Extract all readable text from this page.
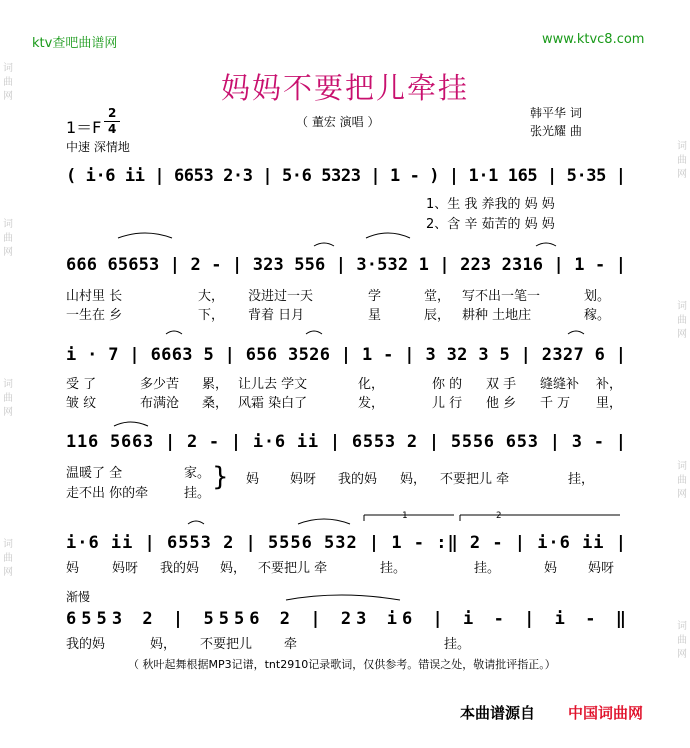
ktv查吧曲谱网	www.ktvc8.com
词曲网
词曲网
词曲网
词曲网
词曲网
词曲网
词曲网
词曲网
妈妈不要把儿牵挂
1＝F
2
4
中速 深情地
（ 董宏 演唱 ）
韩平华 词
张光耀 曲
( i·6 ii | 6653 2·3 | 5·6 5323 | 1 - ) | 1·1 165 | 5·35 |
666 65653 | 2 - | 323 556 | 3·532 1 | 223 2316 | 1 - |
i · 7 | 6663 5 | 656 3526 | 1 - | 3 32 3 5 | 2327 6 |
116 5663 | 2 - | i·6 ii | 6553 2 | 5556 653 | 3 - |
i·6 ii | 6553 2 | 5556 532 | 1 - :‖ 2 - | i·6 ii |
6553 2 | 5556 2 | 23 i6 | i - | i - ‖
1	2
1、生 我 养我的 妈 妈
2、含 辛 茹苦的 妈 妈
山村里 长	大， 没进过一天	学	堂， 写不出一笔一	划。
一生在 乡	下， 背着 日月	星	辰， 耕种 土地庄	稼。
受 了	多少苦 累， 让儿去 学文	化，	你 的 双 手 缝缝补 补，
皱 纹	布满沧 桑， 风霜 染白了	发，	儿 行 他 乡 千 万 里，
温暖了 全	家。
走不出 你的牵	挂。
} 妈 妈呀 我的妈 妈， 不要把儿 牵	挂，
妈	妈呀 我的妈 妈， 不要把儿 牵	挂。	挂。	妈 妈呀
渐慢
我的妈	妈， 不要把儿 牵	挂。
（ 秋叶起舞根据MP3记谱，tnt2910记录歌词，仅供参考。错误之处，敬请批评指正。）
本曲谱源自 中国词曲网
